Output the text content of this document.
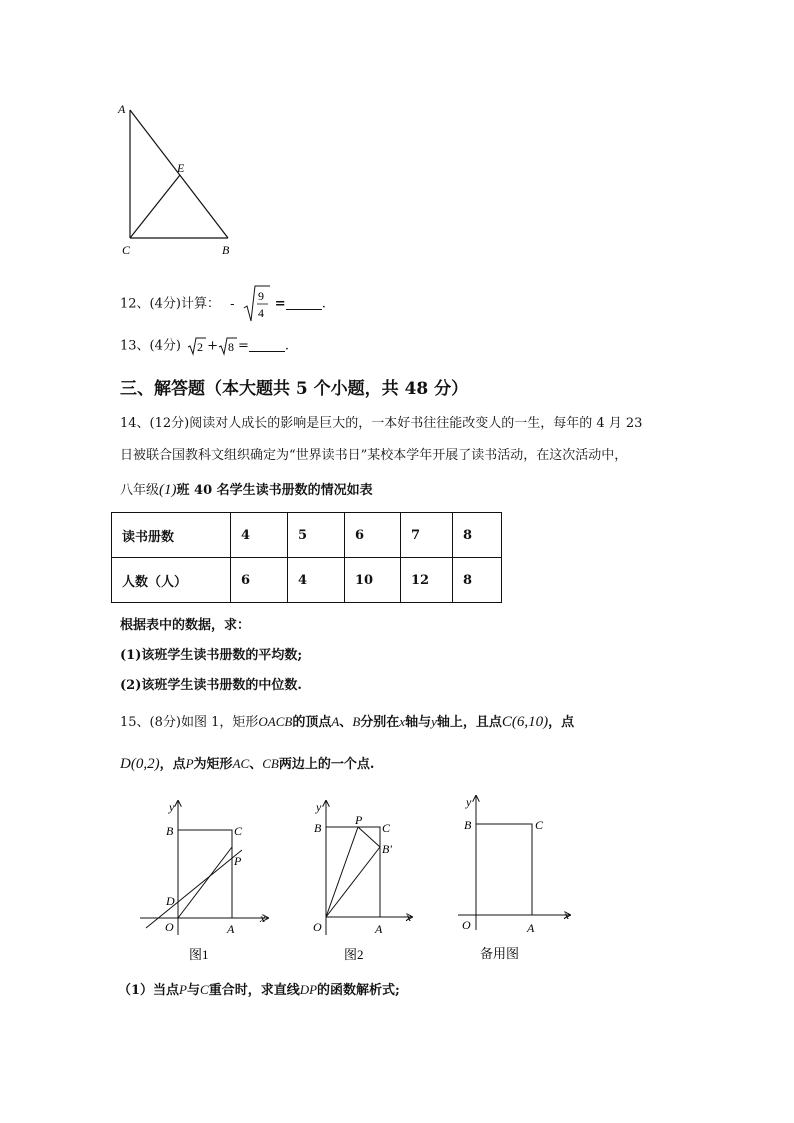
A
E
C	B
12、(4分)计算： -
9
4
=	.
13、(4分) 2 + 8 =	.
三、解答题（本大题共 5 个小题，共 48 分）
14、(12分)阅读对人成长的影响是巨大的，一本好书往往能改变人的一生，每年的 4 月 23
日被联合国教科文组织确定为“世界读书日”某校本学年开展了读书活动，在这次活动中，
八年级(1)班 40 名学生读书册数的情况如表
读书册数	4	5	6	7	8
人数（人）	6	4	10	12	8
根据表中的数据，求：
(1)该班学生读书册数的平均数;
(2)该班学生读书册数的中位数.
15、(8分)如图 1，矩形OACB的顶点A、B分别在x轴与y轴上，且点C(6,10)，点
D(0,2)，点P为矩形AC、CB两边上的一个点.
y
x
B	C
P
D
O	A
图1
y
x
B
P
C
B′
O	A
图2
y
x
B	C
O	A
备用图
（1）当点P与C重合时，求直线DP的函数解析式;
